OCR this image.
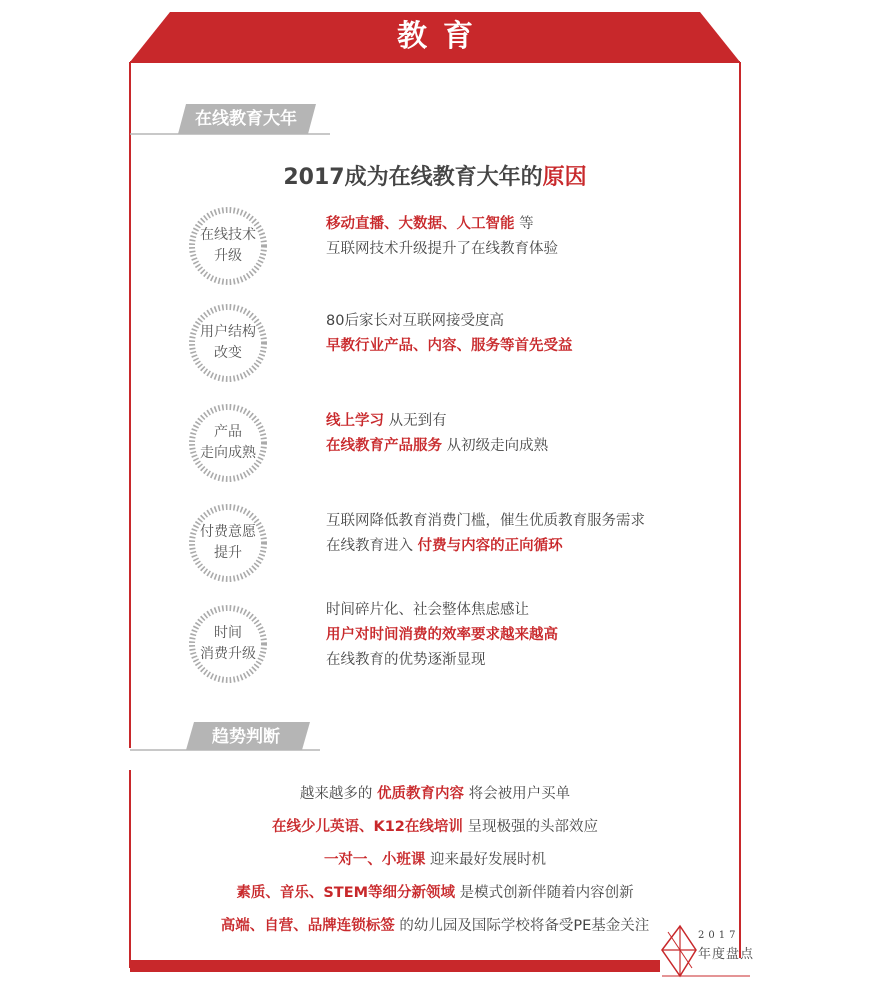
教育
在线教育大年
2017成为在线教育大年的原因
在线技术
升级
移动直播、大数据、人工智能 等
互联网技术升级提升了在线教育体验
用户结构
改变
80后家长对互联网接受度高
早教行业产品、内容、服务等首先受益
产品
走向成熟
线上学习 从无到有
在线教育产品服务 从初级走向成熟
付费意愿
提升
互联网降低教育消费门槛，催生优质教育服务需求
在线教育进入 付费与内容的正向循环
时间
消费升级
时间碎片化、社会整体焦虑感让
用户对时间消费的效率要求越来越高
在线教育的优势逐渐显现
趋势判断
越来越多的 优质教育内容 将会被用户买单
在线少儿英语、K12在线培训 呈现极强的头部效应
一对一、小班课 迎来最好发展时机
素质、音乐、STEM等细分新领域 是模式创新伴随着内容创新
高端、自营、品牌连锁标签 的幼儿园及国际学校将备受PE基金关注
2017
年度盘点
